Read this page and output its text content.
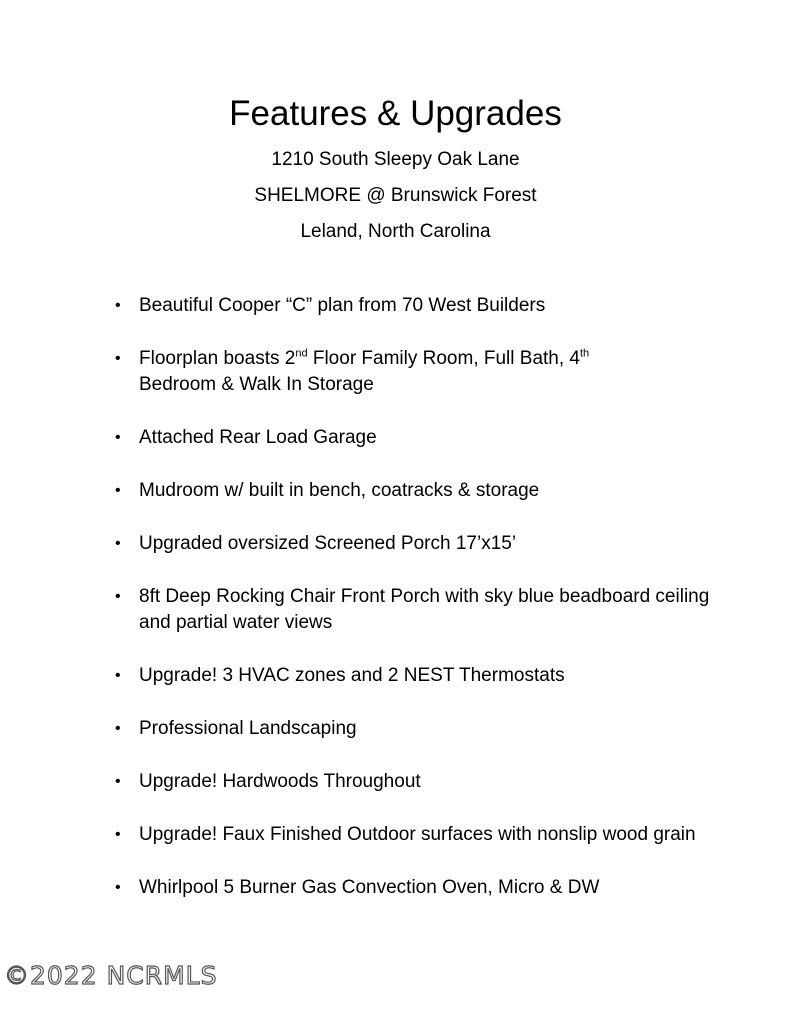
Features & Upgrades
1210 South Sleepy Oak Lane
SHELMORE @ Brunswick Forest
Leland, North Carolina
• Beautiful Cooper “C” plan from 70 West Builders
• Floorplan boasts 2nd Floor Family Room, Full Bath, 4th
Bedroom & Walk In Storage
• Attached Rear Load Garage
• Mudroom w/ built in bench, coatracks & storage
• Upgraded oversized Screened Porch 17’x15’
• 8ft Deep Rocking Chair Front Porch with sky blue beadboard ceiling and partial water views
• Upgrade! 3 HVAC zones and 2 NEST Thermostats
• Professional Landscaping
• Upgrade! Hardwoods Throughout
• Upgrade! Faux Finished Outdoor surfaces with nonslip wood grain
• Whirlpool 5 Burner Gas Convection Oven, Micro & DW
©2022 NCRMLS
